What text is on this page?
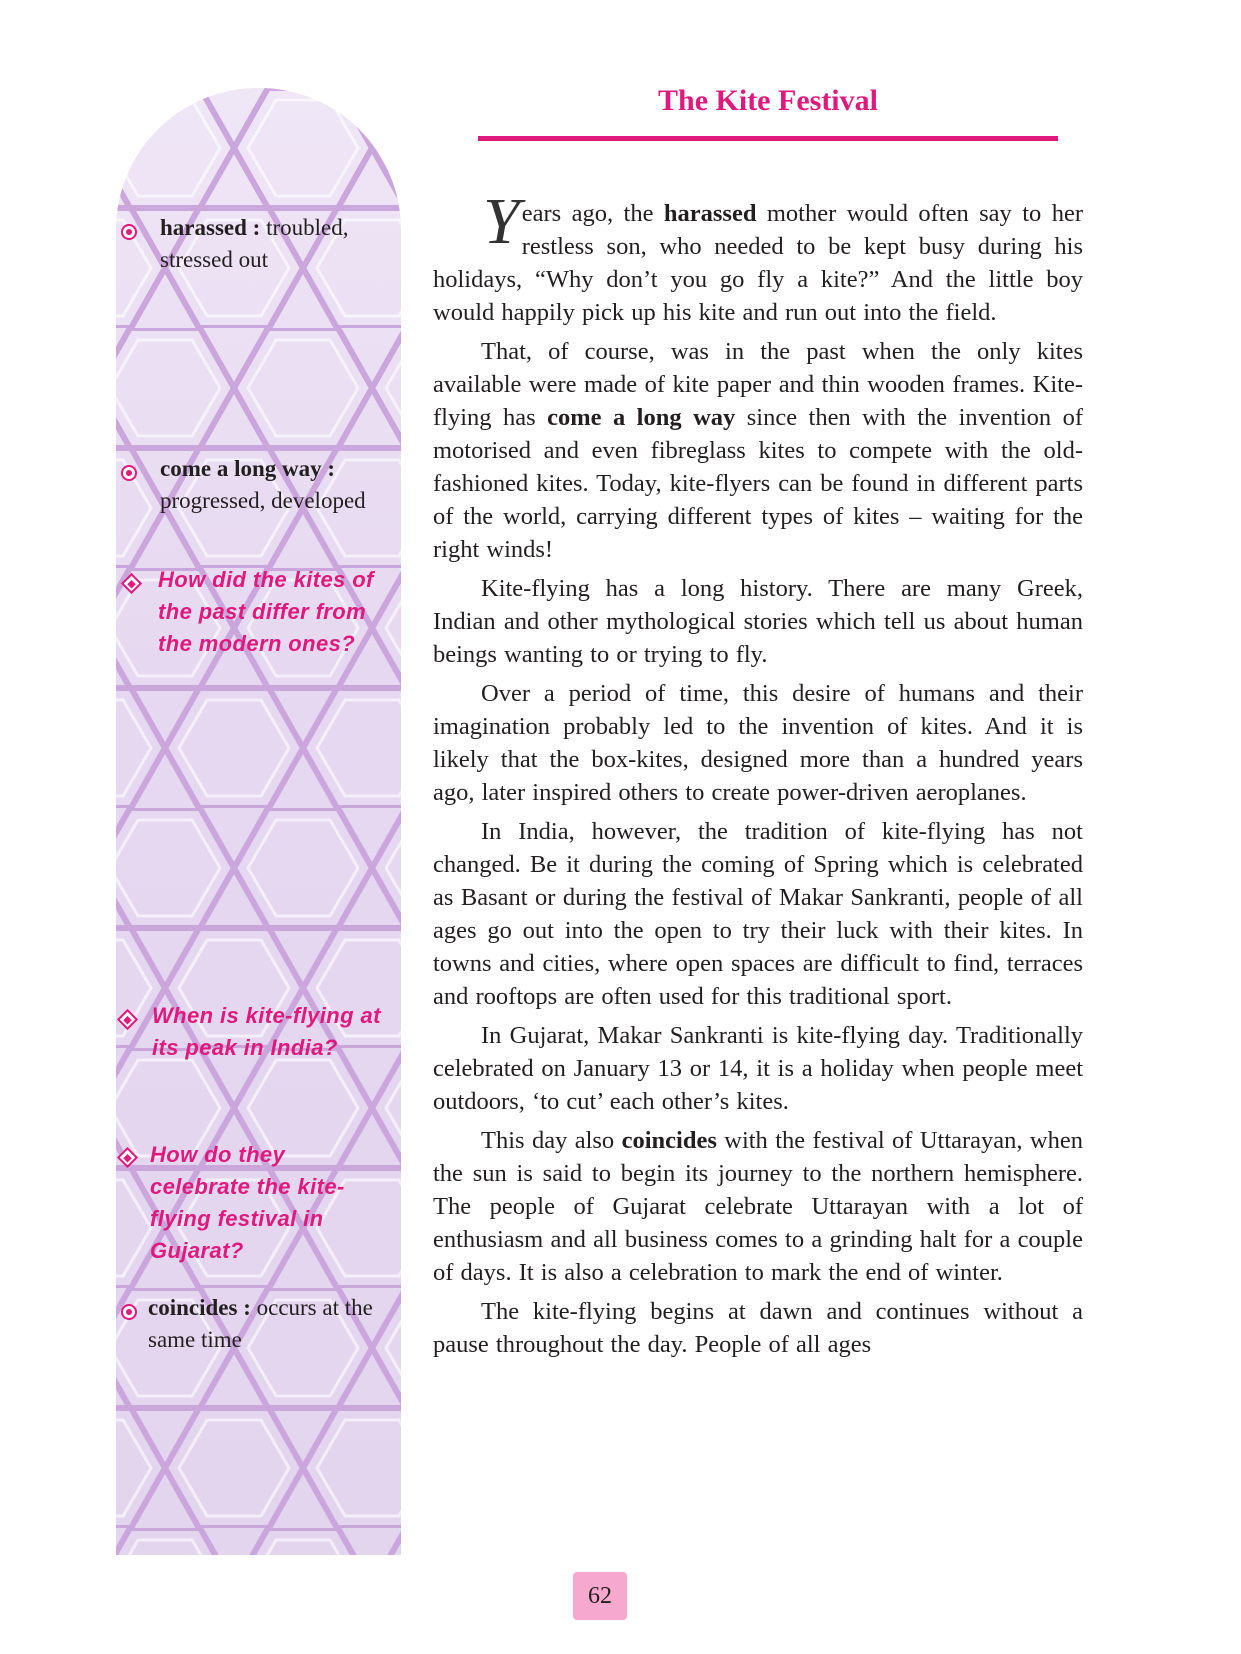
harassed : troubled, stressed out
come a long way : progressed, developed
How did the kites of the past differ from the modern ones?
When is kite-flying at its peak in India?
How do they celebrate the kite-flying festival in Gujarat?
coincides : occurs at the same time
The Kite Festival

Years ago, the harassed mother would often say to her restless son, who needed to be kept busy during his holidays, “Why don’t you go fly a kite?” And the little boy would happily pick up his kite and run out into the field.

That, of course, was in the past when the only kites available were made of kite paper and thin wooden frames. Kite-flying has come a long way since then with the invention of motorised and even fibreglass kites to compete with the old-fashioned kites. Today, kite-flyers can be found in different parts of the world, carrying different types of kites – waiting for the right winds!

Kite-flying has a long history. There are many Greek, Indian and other mythological stories which tell us about human beings wanting to or trying to fly.

Over a period of time, this desire of humans and their imagination probably led to the invention of kites. And it is likely that the box-kites, designed more than a hundred years ago, later inspired others to create power-driven aeroplanes.

In India, however, the tradition of kite-flying has not changed. Be it during the coming of Spring which is celebrated as Basant or during the festival of Makar Sankranti, people of all ages go out into the open to try their luck with their kites. In towns and cities, where open spaces are difficult to find, terraces and rooftops are often used for this traditional sport.

In Gujarat, Makar Sankranti is kite-flying day. Traditionally celebrated on January 13 or 14, it is a holiday when people meet outdoors, ‘to cut’ each other’s kites.

This day also coincides with the festival of Uttarayan, when the sun is said to begin its journey to the northern hemisphere. The people of Gujarat celebrate Uttarayan with a lot of enthusiasm and all business comes to a grinding halt for a couple of days. It is also a celebration to mark the end of winter.

The kite-flying begins at dawn and continues without a pause throughout the day. People of all ages

62
